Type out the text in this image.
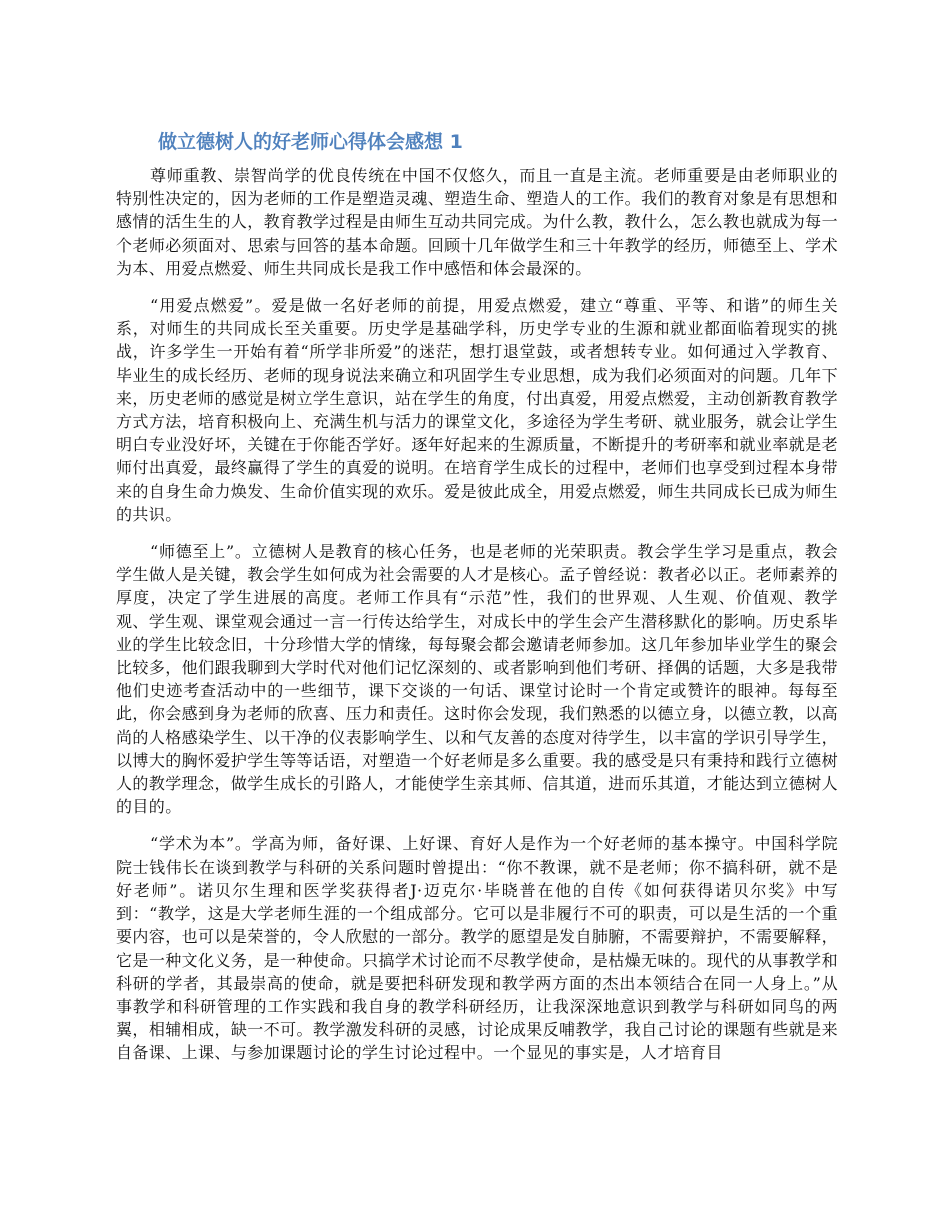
做立德树人的好老师心得体会感想 1

尊师重教、崇智尚学的优良传统在中国不仅悠久，而且一直是主流。老师重要是由老师职业的特别性决定的，因为老师的工作是塑造灵魂、塑造生命、塑造人的工作。我们的教育对象是有思想和感情的活生生的人，教育教学过程是由师生互动共同完成。为什么教，教什么，怎么教也就成为每一个老师必须面对、思索与回答的基本命题。回顾十几年做学生和三十年教学的经历，师德至上、学术为本、用爱点燃爱、师生共同成长是我工作中感悟和体会最深的。

“用爱点燃爱”。爱是做一名好老师的前提，用爱点燃爱，建立“尊重、平等、和谐”的师生关系，对师生的共同成长至关重要。历史学是基础学科，历史学专业的生源和就业都面临着现实的挑战，许多学生一开始有着“所学非所爱”的迷茫，想打退堂鼓，或者想转专业。如何通过入学教育、毕业生的成长经历、老师的现身说法来确立和巩固学生专业思想，成为我们必须面对的问题。几年下来，历史老师的感觉是树立学生意识，站在学生的角度，付出真爱，用爱点燃爱，主动创新教育教学方式方法，培育积极向上、充满生机与活力的课堂文化，多途径为学生考研、就业服务，就会让学生明白专业没好坏，关键在于你能否学好。逐年好起来的生源质量，不断提升的考研率和就业率就是老师付出真爱，最终赢得了学生的真爱的说明。在培育学生成长的过程中，老师们也享受到过程本身带来的自身生命力焕发、生命价值实现的欢乐。爱是彼此成全，用爱点燃爱，师生共同成长已成为师生的共识。

“师德至上”。立德树人是教育的核心任务，也是老师的光荣职责。教会学生学习是重点，教会学生做人是关键，教会学生如何成为社会需要的人才是核心。孟子曾经说：教者必以正。老师素养的厚度，决定了学生进展的高度。老师工作具有“示范”性，我们的世界观、人生观、价值观、教学观、学生观、课堂观会通过一言一行传达给学生，对成长中的学生会产生潜移默化的影响。历史系毕业的学生比较念旧，十分珍惜大学的情缘，每每聚会都会邀请老师参加。这几年参加毕业学生的聚会比较多，他们跟我聊到大学时代对他们记忆深刻的、或者影响到他们考研、择偶的话题，大多是我带他们史迹考查活动中的一些细节，课下交谈的一句话、课堂讨论时一个肯定或赞许的眼神。每每至此，你会感到身为老师的欣喜、压力和责任。这时你会发现，我们熟悉的以德立身，以德立教，以高尚的人格感染学生、以干净的仪表影响学生、以和气友善的态度对待学生，以丰富的学识引导学生，以博大的胸怀爱护学生等等话语，对塑造一个好老师是多么重要。我的感受是只有秉持和践行立德树人的教学理念，做学生成长的引路人，才能使学生亲其师、信其道，进而乐其道，才能达到立德树人的目的。

“学术为本”。学高为师，备好课、上好课、育好人是作为一个好老师的基本操守。中国科学院院士钱伟长在谈到教学与科研的关系问题时曾提出：“你不教课，就不是老师；你不搞科研，就不是好老师”。诺贝尔生理和医学奖获得者J·迈克尔·毕晓普在他的自传《如何获得诺贝尔奖》中写到：“教学，这是大学老师生涯的一个组成部分。它可以是非履行不可的职责，可以是生活的一个重要内容，也可以是荣誉的，令人欣慰的一部分。教学的愿望是发自肺腑，不需要辩护，不需要解释，它是一种文化义务，是一种使命。只搞学术讨论而不尽教学使命，是枯燥无味的。现代的从事教学和科研的学者，其最崇高的使命，就是要把科研发现和教学两方面的杰出本领结合在同一人身上。”从事教学和科研管理的工作实践和我自身的教学科研经历，让我深深地意识到教学与科研如同鸟的两翼，相辅相成，缺一不可。教学激发科研的灵感，讨论成果反哺教学，我自己讨论的课题有些就是来自备课、上课、与参加课题讨论的学生讨论过程中。一个显见的事实是，人才培育目
